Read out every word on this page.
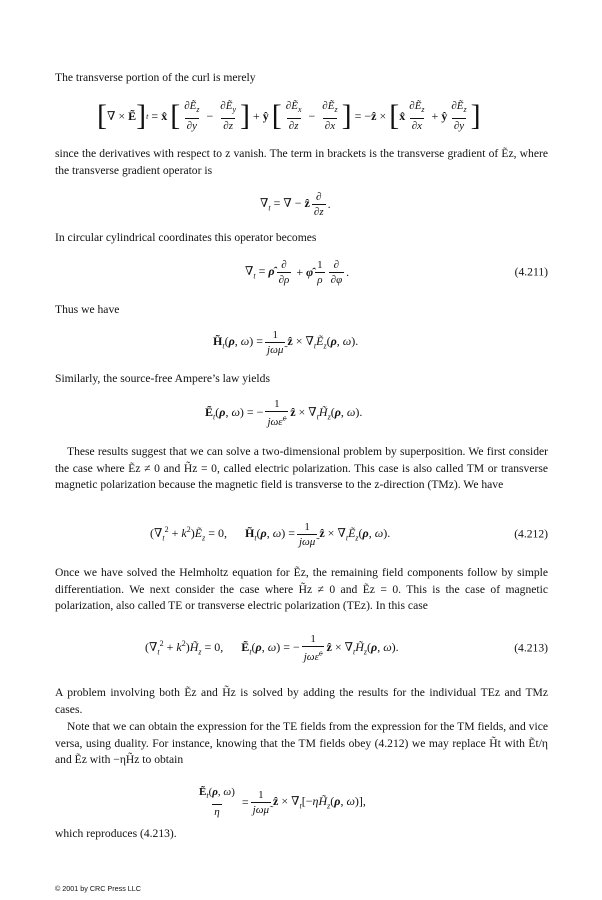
The transverse portion of the curl is merely
[ ∇ × Ẽ ] t = x̂ [ $\frac{\partial Ẽ_z}{\partial y} - \frac{\partial Ẽ_y}{\partial z}$ ] + ŷ [ $\frac{\partial Ẽ_x}{\partial z} - \frac{\partial Ẽ_z}{\partial x}$ ] = −ẑ × [ x̂ $\frac{\partial Ẽ_z}{\partial x}$ + ŷ $\frac{\partial Ẽ_z}{\partial y}$ ]
since the derivatives with respect to z vanish. The term in brackets is the transverse gradient of Ẽz, where the transverse gradient operator is
$\nabla_t$ = ∇ − ẑ $\frac{\partial}{\partial z}$ .
In circular cylindrical coordinates this operator becomes
$\nabla_t$ = ρ̂ $\frac{\partial}{\partial\rho}$ + φ̂ $\frac{1}{\rho} \frac{\partial}{\partial\varphi}$ .	(4.211)
Thus we have
$H̃_t(\rho$, $\omega) = \frac{1}{\text{jωμ̃}}$ ẑ × $\nabla_tẼ_z(\rho$, ω).
Similarly, the source-free Ampere’s law yields
Ẽ$_t$(ρ, ω) = − $\frac{1}{j\omega\varepsiloñ^c}$ ẑ × $\nabla_tH̃_z(\rho$, ω).
These results suggest that we can solve a two-dimensional problem by superposition. We first consider the case where Ẽz ≠ 0 and H̃z = 0, called electric polarization. This case is also called TM or transverse magnetic polarization because the magnetic field is transverse to the z-direction (TMz). We have
($\nabla_t^2$ + $k^2)Ẽ_z = 0$, $H̃_t(\rho$, $\omega) = \frac{1}{\text{jωμ̃}}$ ẑ × $\nabla_tẼ_z(\rho$, ω).	(4.212)
Once we have solved the Helmholtz equation for Ẽz, the remaining field components follow by simple differentiation. We next consider the case where H̃z ≠ 0 and Ẽz = 0. This is the case of magnetic polarization, also called TE or transverse electric polarization (TEz). In this case
($\nabla_t^2$ + $k^2)H̃_z = 0$, Ẽ$_t$(ρ, ω) = − $\frac{1}{j\omega\varepsiloñ^c}$ ẑ × $\nabla_tH̃_z(\rho$, ω).	(4.213)
A problem involving both Ẽz and H̃z is solved by adding the results for the individual TEz and TMz cases.
Note that we can obtain the expression for the TE fields from the expression for the TM fields, and vice versa, using duality. For instance, knowing that the TM fields obey (4.212) we may replace H̃t with Ẽt/η and Ẽz with −ηH̃z to obtain
$\frac{Ẽ_t(\rho, \omega)}{\eta} = \frac{1}{\text{jωμ̃}}$ ẑ × $\nabla_t[-\eta H̃_z(\rho$, ω)],
which reproduces (4.213).
© 2001 by CRC Press LLC
